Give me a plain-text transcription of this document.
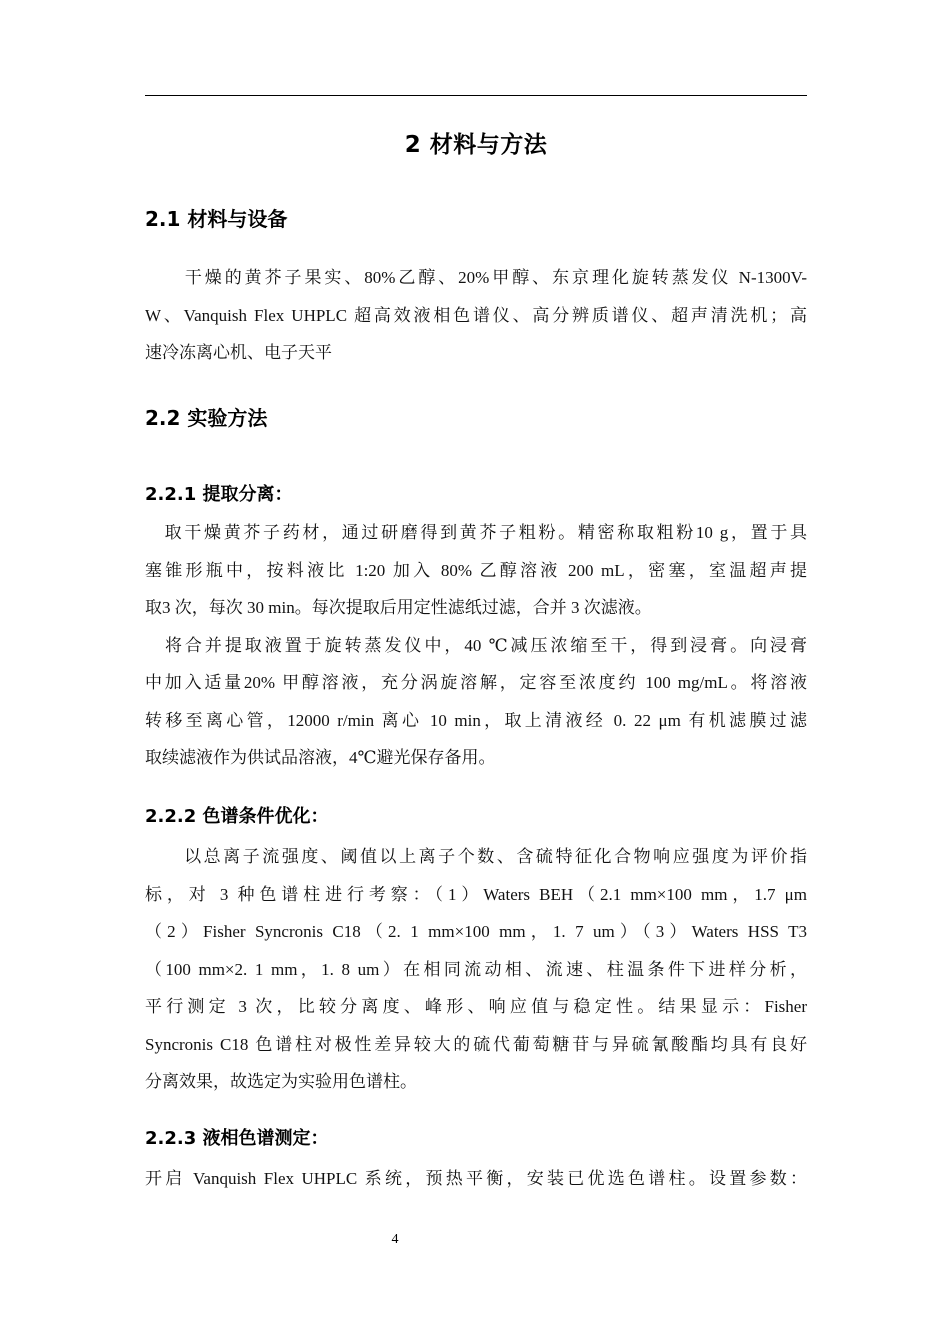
2 材料与方法
2.1 材料与设备
　　干燥的黄芥子果实、80%乙醇、20%甲醇、东京理化旋转蒸发仪 N-1300V-
W、Vanquish Flex UHPLC 超高效液相色谱仪、高分辨质谱仪、超声清洗机；高
速冷冻离心机、电子天平
2.2 实验方法
2.2.1 提取分离：
　取干燥黄芥子药材，通过研磨得到黄芥子粗粉。精密称取粗粉10 g，置于具
塞锥形瓶中，按料液比 1:20 加入 80% 乙醇溶液 200 mL，密塞，室温超声提
取3 次，每次 30 min。每次提取后用定性滤纸过滤，合并 3 次滤液。
　将合并提取液置于旋转蒸发仪中，40 ℃减压浓缩至干，得到浸膏。向浸膏
中加入适量20% 甲醇溶液，充分涡旋溶解，定容至浓度约 100 mg/mL。将溶液
转移至离心管，12000 r/min 离心 10 min，取上清液经 0. 22 μm 有机滤膜过滤
取续滤液作为供试品溶液，4℃避光保存备用。
2.2.2 色谱条件优化：
　　以总离子流强度、阈值以上离子个数、含硫特征化合物响应强度为评价指
标，对 3 种色谱柱进行考察：（1）Waters BEH（2.1 mm×100 mm，1.7 μm
（2）Fisher Syncronis C18（2. 1 mm×100 mm，1. 7 um）（3）Waters HSS T3
（100 mm×2. 1 mm，1. 8 um）在相同流动相、流速、柱温条件下进样分析，
平行测定 3 次，比较分离度、峰形、响应值与稳定性。结果显示：Fisher
Syncronis C18 色谱柱对极性差异较大的硫代葡萄糖苷与异硫氰酸酯均具有良好
分离效果，故选定为实验用色谱柱。
2.2.3 液相色谱测定：
开启 Vanquish Flex UHPLC 系统，预热平衡，安装已优选色谱柱。设置参数：
4
